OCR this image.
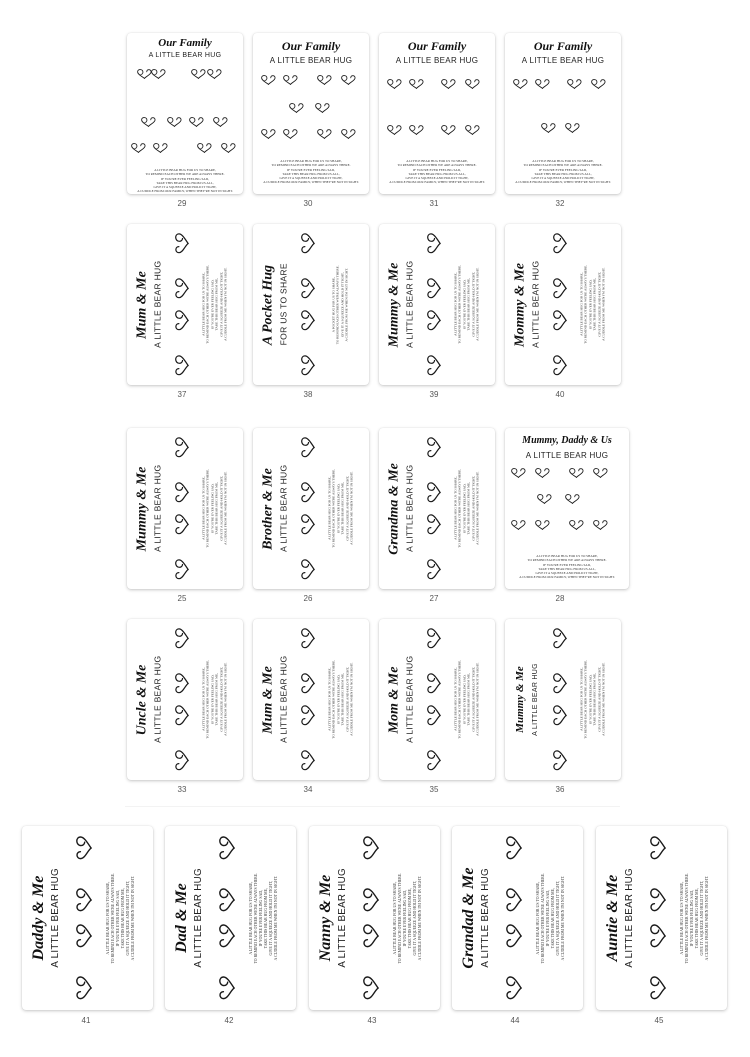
Our Family
A LITTLE BEAR HUG
A LITTLE BEAR HUG FOR US TO SHARE,
TO REMIND EACH OTHER WE ARE ALWAYS THERE.
IF YOU'RE EVER FEELING SAD,
TAKE THIS BEAR HUG FROM US ALL,
GIVE IT A SQUEEZE AND HOLD IT TIGHT,
A CUDDLE FROM OUR FAMILY, WHEN THEY'RE NOT IN SIGHT.
29
Our Family
A LITTLE BEAR HUG
A LITTLE BEAR HUG FOR US TO SHARE,
TO REMIND EACH OTHER WE ARE ALWAYS THERE.
IF YOU'RE EVER FEELING SAD,
TAKE THIS BEAR HUG FROM US ALL,
GIVE IT A SQUEEZE AND HOLD IT TIGHT,
A CUDDLE FROM OUR FAMILY, WHEN THEY'RE NOT IN SIGHT.
30
Our Family
A LITTLE BEAR HUG
A LITTLE BEAR HUG FOR US TO SHARE,
TO REMIND EACH OTHER WE ARE ALWAYS THERE.
IF YOU'RE EVER FEELING SAD,
TAKE THIS BEAR HUG FROM US ALL,
GIVE IT A SQUEEZE AND HOLD IT TIGHT,
A CUDDLE FROM OUR FAMILY, WHEN THEY'RE NOT IN SIGHT.
31
Our Family
A LITTLE BEAR HUG
A LITTLE BEAR HUG FOR US TO SHARE,
TO REMIND EACH OTHER WE ARE ALWAYS THERE.
IF YOU'RE EVER FEELING SAD,
TAKE THIS BEAR HUG FROM US ALL,
GIVE IT A SQUEEZE AND HOLD IT TIGHT,
A CUDDLE FROM OUR FAMILY, WHEN THEY'RE NOT IN SIGHT.
32
Mum & Me A LITTLE BEAR HUG	A LITTLE BEAR HUG FOR US TO SHARE, TO REMIND EACH OTHER WE'RE ALWAYS THERE. IF YOU'RE EVER FEELING SAD, TAKE THIS BEAR HUG FROM ME, GIVE IT A SQUEEZE AND HOLD IT TIGHT, A CUDDLE FROM ME WHEN I'M NOT IN SIGHT.
37
A Pocket Hug FOR US TO SHARE	A POCKET HUG FOR US TO SHARE, TO REMIND EACH OTHER WE'RE ALWAYS THERE. GIVE IT A SQUEEZE AND HOLD IT TIGHT, A CUDDLE FROM ME WHEN I'M NOT IN SIGHT.
38
Mummy & Me A LITTLE BEAR HUG	A LITTLE BEAR HUG FOR US TO SHARE, TO REMIND EACH OTHER WE'RE ALWAYS THERE. IF YOU'RE EVER FEELING SAD, TAKE THIS BEAR HUG FROM ME, GIVE IT A SQUEEZE AND HOLD IT TIGHT, A CUDDLE FROM ME WHEN I'M NOT IN SIGHT.
39
Mommy & Me A LITTLE BEAR HUG	A LITTLE BEAR HUG FOR US TO SHARE, TO REMIND EACH OTHER WE'RE ALWAYS THERE. IF YOU'RE EVER FEELING SAD, TAKE THIS BEAR HUG FROM ME, GIVE IT A SQUEEZE AND HOLD IT TIGHT, A CUDDLE FROM ME WHEN I'M NOT IN SIGHT.
40
Mummy & Me A LITTLE BEAR HUG	A LITTLE BEAR HUG FOR US TO SHARE, TO REMIND EACH OTHER WE'RE ALWAYS THERE. IF YOU'RE EVER FEELING SAD, TAKE THIS BEAR HUG FROM ME, GIVE IT A SQUEEZE AND HOLD IT TIGHT, A CUDDLE FROM ME WHEN I'M NOT IN SIGHT.
25
Brother & Me A LITTLE BEAR HUG	A LITTLE BEAR HUG FOR US TO SHARE, TO REMIND EACH OTHER WE'RE ALWAYS THERE. IF YOU'RE EVER FEELING SAD, TAKE THIS BEAR HUG FROM ME, GIVE IT A SQUEEZE AND HOLD IT TIGHT, A CUDDLE FROM ME WHEN I'M NOT IN SIGHT.
26
Grandma & Me A LITTLE BEAR HUG	A LITTLE BEAR HUG FOR US TO SHARE, TO REMIND EACH OTHER WE'RE ALWAYS THERE. IF YOU'RE EVER FEELING SAD, TAKE THIS BEAR HUG FROM ME, GIVE IT A SQUEEZE AND HOLD IT TIGHT, A CUDDLE FROM ME WHEN I'M NOT IN SIGHT.
27
Mummy, Daddy & Us
A LITTLE BEAR HUG
A LITTLE BEAR HUG FOR US TO SHARE,
TO REMIND EACH OTHER WE ARE ALWAYS THERE.
IF YOU'RE EVER FEELING SAD,
TAKE THIS BEAR HUG FROM US ALL,
GIVE IT A SQUEEZE AND HOLD IT TIGHT,
A CUDDLE FROM OUR FAMILY, WHEN THEY'RE NOT IN SIGHT.
28
Uncle & Me A LITTLE BEAR HUG	A LITTLE BEAR HUG FOR US TO SHARE, TO REMIND EACH OTHER WE'RE ALWAYS THERE. IF YOU'RE EVER FEELING SAD, TAKE THIS BEAR HUG FROM ME, GIVE IT A SQUEEZE AND HOLD IT TIGHT, A CUDDLE FROM ME WHEN I'M NOT IN SIGHT.
33
Mum & Me A LITTLE BEAR HUG	A LITTLE BEAR HUG FOR US TO SHARE, TO REMIND EACH OTHER WE'RE ALWAYS THERE. IF YOU'RE EVER FEELING SAD, TAKE THIS BEAR HUG FROM ME, GIVE IT A SQUEEZE AND HOLD IT TIGHT, A CUDDLE FROM ME WHEN I'M NOT IN SIGHT.
34
Mom & Me A LITTLE BEAR HUG	A LITTLE BEAR HUG FOR US TO SHARE, TO REMIND EACH OTHER WE'RE ALWAYS THERE. IF YOU'RE EVER FEELING SAD, TAKE THIS BEAR HUG FROM ME, GIVE IT A SQUEEZE AND HOLD IT TIGHT, A CUDDLE FROM ME WHEN I'M NOT IN SIGHT.
35
Mummy & Me A LITTLE BEAR HUG	A LITTLE BEAR HUG FOR US TO SHARE, TO REMIND EACH OTHER WE'RE ALWAYS THERE. IF YOU'RE EVER FEELING SAD, TAKE THIS BEAR HUG FROM ME, GIVE IT A SQUEEZE AND HOLD IT TIGHT, A CUDDLE FROM ME WHEN I'M NOT IN SIGHT.
36
Daddy & Me A LITTLE BEAR HUG	A LITTLE BEAR HUG FOR US TO SHARE, TO REMIND EACH OTHER WE'RE ALWAYS THERE. IF YOU'RE EVER FEELING SAD, TAKE THIS BEAR HUG FROM ME, GIVE IT A SQUEEZE AND HOLD IT TIGHT, A CUDDLE FROM ME WHEN I'M NOT IN SIGHT.
41
Dad & Me A LITTLE BEAR HUG	A LITTLE BEAR HUG FOR US TO SHARE, TO REMIND EACH OTHER WE'RE ALWAYS THERE. IF YOU'RE EVER FEELING SAD, TAKE THIS BEAR HUG FROM ME, GIVE IT A SQUEEZE AND HOLD IT TIGHT, A CUDDLE FROM ME WHEN I'M NOT IN SIGHT.
42
Nanny & Me A LITTLE BEAR HUG	A LITTLE BEAR HUG FOR US TO SHARE, TO REMIND EACH OTHER WE'RE ALWAYS THERE. IF YOU'RE EVER FEELING SAD, TAKE THIS BEAR HUG FROM ME, GIVE IT A SQUEEZE AND HOLD IT TIGHT, A CUDDLE FROM ME WHEN I'M NOT IN SIGHT.
43
Grandad & Me A LITTLE BEAR HUG	A LITTLE BEAR HUG FOR US TO SHARE, TO REMIND EACH OTHER WE'RE ALWAYS THERE. IF YOU'RE EVER FEELING SAD, TAKE THIS BEAR HUG FROM ME, GIVE IT A SQUEEZE AND HOLD IT TIGHT, A CUDDLE FROM ME WHEN I'M NOT IN SIGHT.
44
Auntie & Me A LITTLE BEAR HUG	A LITTLE BEAR HUG FOR US TO SHARE, TO REMIND EACH OTHER WE'RE ALWAYS THERE. IF YOU'RE EVER FEELING SAD, TAKE THIS BEAR HUG FROM ME, GIVE IT A SQUEEZE AND HOLD IT TIGHT, A CUDDLE FROM ME WHEN I'M NOT IN SIGHT.
45
